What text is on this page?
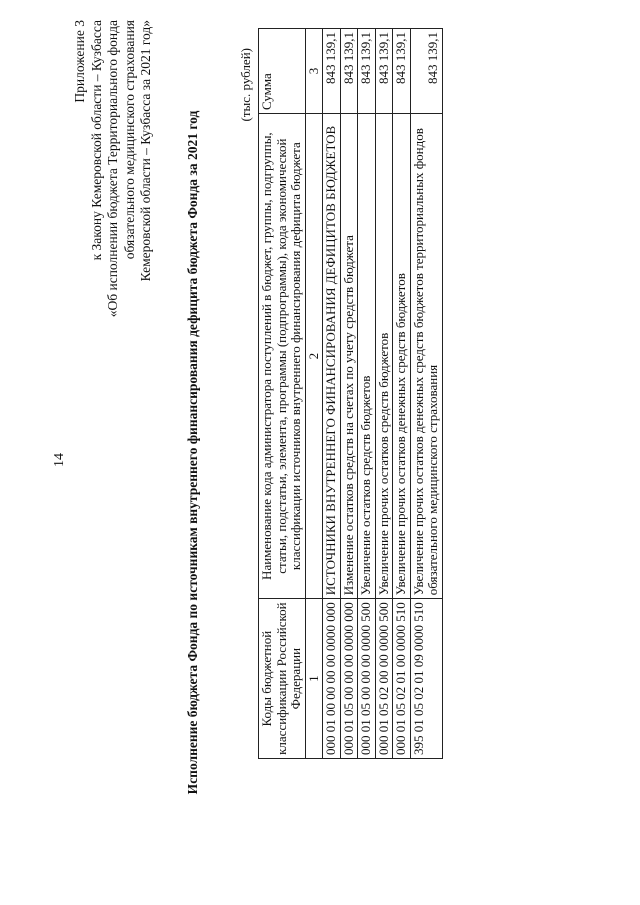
14
Приложение 3 к Закону Кемеровской области – Кузбасса «Об исполнении бюджета Территориального фонда обязательного медицинского страхования Кемеровской области – Кузбасса за 2021 год» Исполнение бюджета Фонда по источникам внутреннего финансирования дефицита бюджета Фонда за 2021 год
(тыс. рублей)
Коды бюджетной классификации Российской Федерации	Наименование кода администратора поступлений в бюджет, группы, подгруппы, статьи, подстатьи, элемента, программы (подпрограммы), кода экономической классификации источников внутреннего финансирования дефицита бюджета	Сумма
1	2	3
000 01 00 00 00 00 0000 000	ИСТОЧНИКИ ВНУТРЕННЕГО ФИНАНСИРОВАНИЯ ДЕФИЦИТОВ БЮДЖЕТОВ	843 139,1
000 01 05 00 00 00 0000 000	Изменение остатков средств на счетах по учету средств бюджета	843 139,1
000 01 05 00 00 00 0000 500	Увеличение остатков средств бюджетов	843 139,1
000 01 05 02 00 00 0000 500	Увеличение прочих остатков средств бюджетов	843 139,1
000 01 05 02 01 00 0000 510	Увеличение прочих остатков денежных средств бюджетов	843 139,1
395 01 05 02 01 09 0000 510	Увеличение прочих остатков денежных средств бюджетов территориальных фондов обязательного медицинского страхования	843 139,1
